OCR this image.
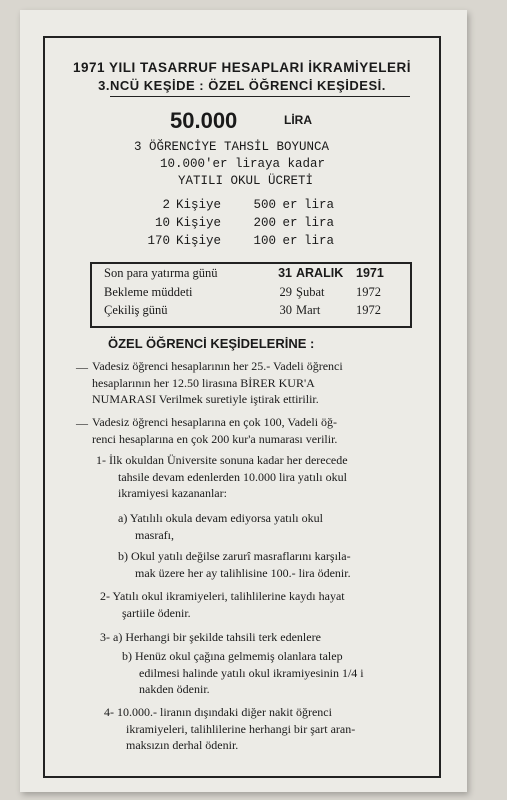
1971 YILI TASARRUF HESAPLARI İKRAMİYELERİ
3.NCÜ KEŞİDE : ÖZEL ÖĞRENCİ KEŞİDESİ.
50.000	LİRA
3 ÖĞRENCİYE TAHSİL BOYUNCA
10.000'er liraya kadar
YATILI OKUL ÜCRETİ
2 Kişiye	500 er lira
10 Kişiye	200 er lira
170 Kişiye	100 er lira
Son para yatırma günü	31 ARALIK 1971
Bekleme müddeti	29 Şubat	1972
Çekiliş günü	30 Mart	1972
ÖZEL ÖĞRENCİ KEŞİDELERİNE :
— Vadesiz öğrenci hesaplarının her 25.- Vadeli öğrenci
hesaplarının her 12.50 lirasına BİRER KUR'A
NUMARASI Verilmek suretiyle iştirak ettirilir.
— Vadesiz öğrenci hesaplarına en çok 100, Vadeli öğ-
renci hesaplarına en çok 200 kur'a numarası verilir.
1- İlk okuldan Üniversite sonuna kadar her derecede
tahsile devam edenlerden 10.000 lira yatılı okul
ikramiyesi kazananlar:
a) Yatılılı okula devam ediyorsa yatılı okul
masrafı,
b) Okul yatılı değilse zarurî masraflarını karşıla-
mak üzere her ay talihlisine 100.- lira ödenir.
2- Yatılı okul ikramiyeleri, talihlilerine kaydı hayat
şartiile ödenir.
3- a) Herhangi bir şekilde tahsili terk edenlere
b) Henüz okul çağına gelmemiş olanlara talep
edilmesi halinde yatılı okul ikramiyesinin 1/4 i
nakden ödenir.
4- 10.000.- liranın dışındaki diğer nakit öğrenci
ikramiyeleri, talihlilerine herhangi bir şart aran-
maksızın derhal ödenir.
